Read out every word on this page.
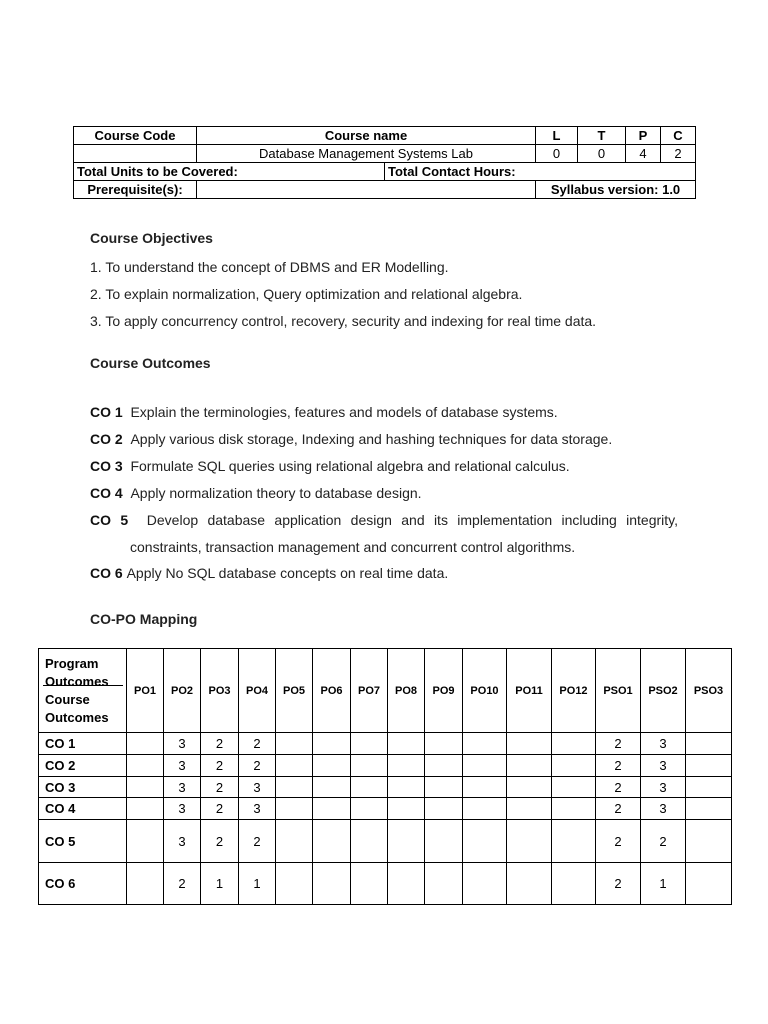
Course Code	Course name		L	T	P	C
	Database Management Systems Lab		0	0	4	2
Total Units to be Covered:		Total Contact Hours:				
Prerequisite(s):			Syllabus version: 1.0			
Course Objectives
1. To understand the concept of DBMS and ER Modelling.
2. To explain normalization, Query optimization and relational algebra.
3. To apply concurrency control, recovery, security and indexing for real time data.
Course Outcomes
CO 1 Explain the terminologies, features and models of database systems.
CO 2 Apply various disk storage, Indexing and hashing techniques for data storage.
CO 3 Formulate SQL queries using relational algebra and relational calculus.
CO 4 Apply normalization theory to database design.
CO 5 Develop database application design and its implementation including integrity,
constraints, transaction management and concurrent control algorithms.
CO 6 Apply No SQL database concepts on real time data.
CO-PO Mapping
Program
Outcomes
Course
Outcomes	PO1	PO2	PO3	PO4	PO5	PO6	PO7	PO8	PO9	PO10	PO11	PO12	PSO1	PSO2	PSO3
CO 1		3	2	2									2	3	
CO 2		3	2	2									2	3	
CO 3		3	2	3									2	3	
CO 4		3	2	3									2	3	
CO 5		3	2	2									2	2	
CO 6		2	1	1									2	1	
